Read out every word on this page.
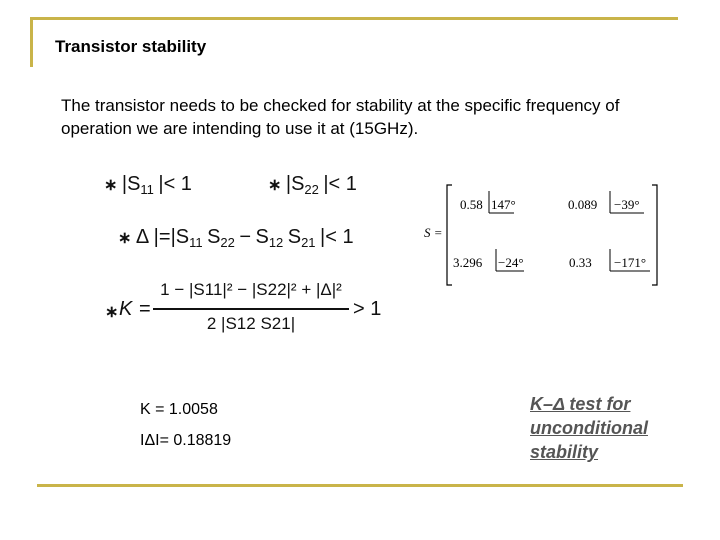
Transistor stability
The transistor needs to be checked for stability at the specific frequency of operation we are intending to use it at (15GHz).
∗ $|S_{11}$ |< 1	∗ $|S_{22}$ |< 1
∗ Δ $|=|S_{11}$ $S_{22} - S_{12}$ $S_{21}$ |< 1
∗ K =
1 − |S11|² − |S22|² + |Δ|²
2 |S12 S21|
> 1
S =
0.58 147°	0.089 −39°
3.296 −24°	0.33 −171°
K = 1.0058
IΔI= 0.18819
K–Δ test for
unconditional
stability
